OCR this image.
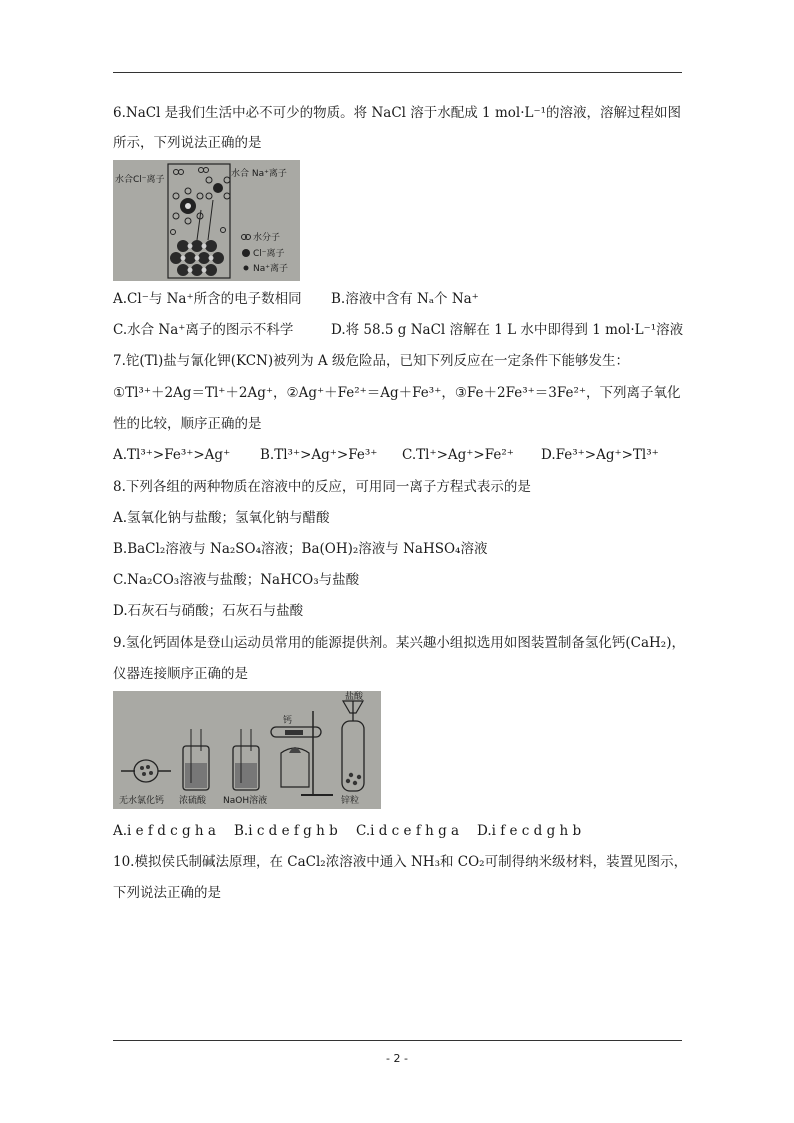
6.NaCl 是我们生活中必不可少的物质。将 NaCl 溶于水配成 1 mol·L⁻¹的溶液，溶解过程如图
所示，下列说法正确的是
水合Cl⁻离子
水合 Na⁺离子
水分子
Cl⁻离子
Na⁺离子
A.Cl⁻与 Na⁺所含的电子数相同 B.溶液中含有 Nₐ个 Na⁺
C.水合 Na⁺离子的图示不科学	D.将 58.5 g NaCl 溶解在 1 L 水中即得到 1 mol·L⁻¹溶液
7.铊(Tl)盐与氰化钾(KCN)被列为 A 级危险品，已知下列反应在一定条件下能够发生：
①Tl³⁺＋2Ag＝Tl⁺＋2Ag⁺，②Ag⁺＋Fe²⁺＝Ag＋Fe³⁺，③Fe＋2Fe³⁺＝3Fe²⁺，下列离子氧化
性的比较，顺序正确的是
A.Tl³⁺>Fe³⁺>Ag⁺ B.Tl³⁺>Ag⁺>Fe³⁺ C.Tl⁺>Ag⁺>Fe²⁺ D.Fe³⁺>Ag⁺>Tl³⁺
8.下列各组的两种物质在溶液中的反应，可用同一离子方程式表示的是
A.氢氧化钠与盐酸；氢氧化钠与醋酸
B.BaCl₂溶液与 Na₂SO₄溶液；Ba(OH)₂溶液与 NaHSO₄溶液
C.Na₂CO₃溶液与盐酸；NaHCO₃与盐酸
D.石灰石与硝酸；石灰石与盐酸
9.氢化钙固体是登山运动员常用的能源提供剂。某兴趣小组拟选用如图装置制备氢化钙(CaH₂)，
仪器连接顺序正确的是
无水氯化钙 浓硫酸 NaOH溶液
钙
盐酸
锌粒
A.i e f d c g h a B.i c d e f g h b C.i d c e f h g a D.i f e c d g h b
10.模拟侯氏制碱法原理，在 CaCl₂浓溶液中通入 NH₃和 CO₂可制得纳米级材料，装置见图示，
下列说法正确的是
- 2 -
